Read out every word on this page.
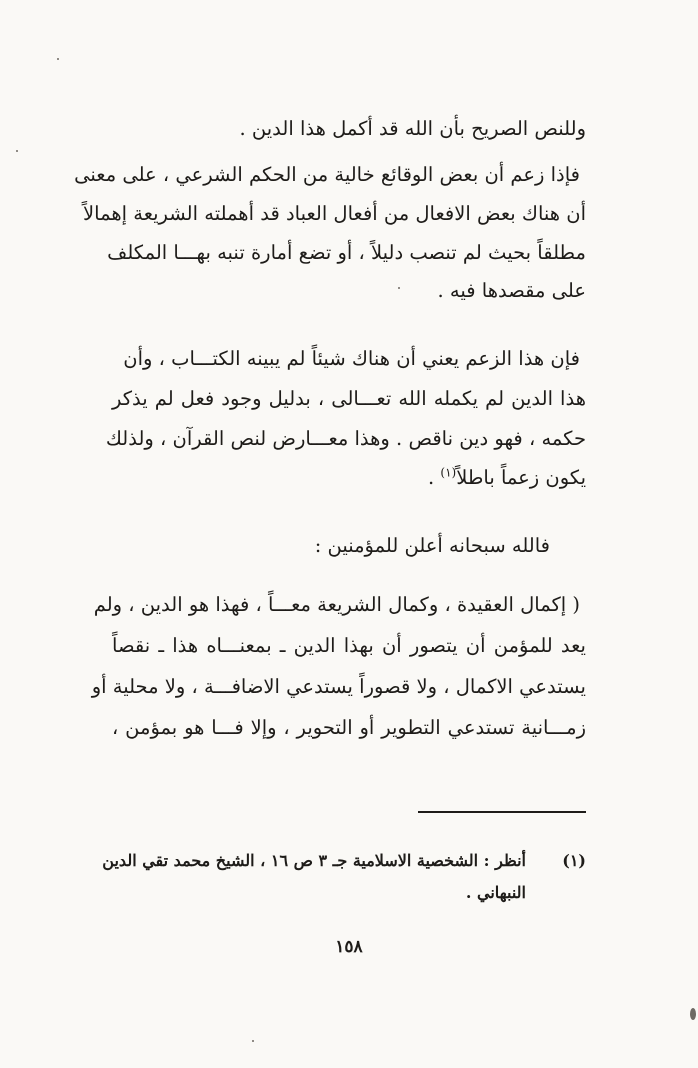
وللنص الصريح بأن الله قد أكمل هذا الدين .
فإذا زعم أن بعض الوقائع خالية من الحكم الشرعي ، على معنى
أن هناك بعض الافعال من أفعال العباد قد أهملته الشريعة إهمالاً
مطلقاً بحيث لم تنصب دليلاً ، أو تضع أمارة تنبه بهـــا المكلف
على مقصدها فيه .
فإن هذا الزعم يعني أن هناك شيئاً لم يبينه الكتـــاب ، وأن
هذا الدين لم يكمله الله تعـــالى ، بدليل وجود فعل لم يذكر
حكمه ، فهو دين ناقص . وهذا معـــارض لنص القرآن ، ولذلك
يكون زعماً باطلاً$^{(١)}$ .
فالله سبحانه أعلن للمؤمنين :
( إكمال العقيدة ، وكمال الشريعة معـــاً ، فهذا هو الدين ، ولم
يعد للمؤمن أن يتصور أن بهذا الدين ـ بمعنـــاه هذا ـ نقصاً
يستدعي الاكمال ، ولا قصوراً يستدعي الاضافـــة ، ولا محلية أو
زمـــانية تستدعي التطوير أو التحوير ، وإلا فـــا هو بمؤمن ،
(١)
أنظر : الشخصية الاسلامية جـ ٣ ص ١٦ ، الشيخ محمد تقي الدين
النبهاني .
١٥٨
